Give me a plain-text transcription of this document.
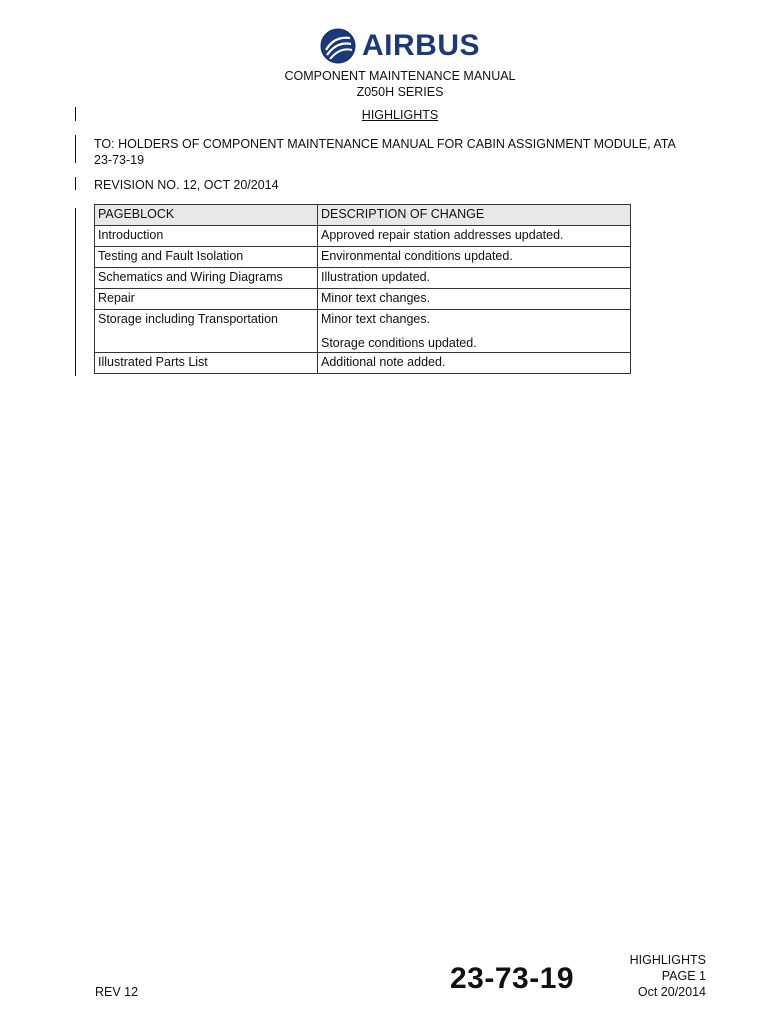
AIRBUS
COMPONENT MAINTENANCE MANUAL
Z050H SERIES
HIGHLIGHTS
TO: HOLDERS OF COMPONENT MAINTENANCE MANUAL FOR CABIN ASSIGNMENT MODULE, ATA 23-73-19
REVISION NO. 12, OCT 20/2014
PAGEBLOCK	DESCRIPTION OF CHANGE
Introduction	Approved repair station addresses updated.
Testing and Fault Isolation	Environmental conditions updated.
Schematics and Wiring Diagrams	Illustration updated.
Repair	Minor text changes.
Storage including Transportation	Minor text changes.
Storage conditions updated.

Illustrated Parts List	Additional note added.
REV 12	23-73-19
HIGHLIGHTS
PAGE 1
Oct 20/2014
